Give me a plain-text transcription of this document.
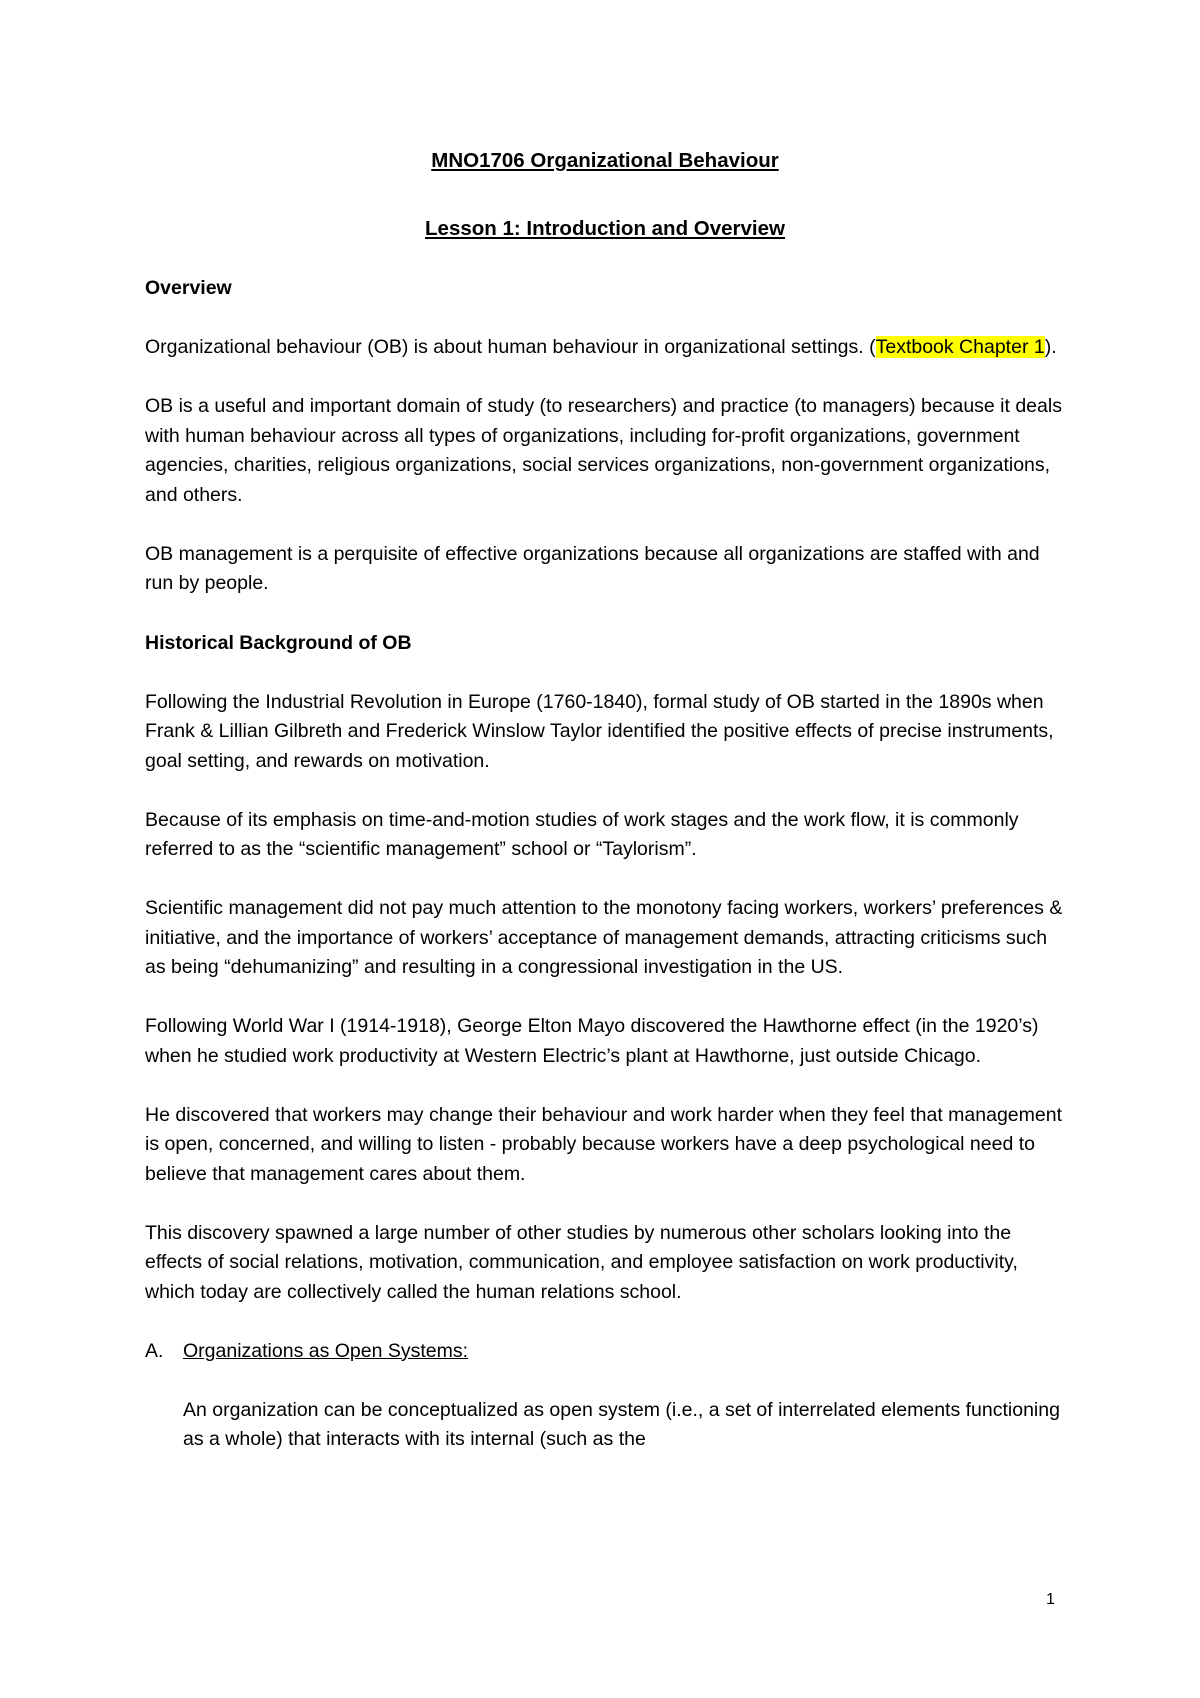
MNO1706 Organizational Behaviour
Lesson 1: Introduction and Overview
Overview

Organizational behaviour (OB) is about human behaviour in organizational settings. (Textbook Chapter 1).

OB is a useful and important domain of study (to researchers) and practice (to managers) because it deals with human behaviour across all types of organizations, including for-profit organizations, government agencies, charities, religious organizations, social services organizations, non-government organizations, and others.

OB management is a perquisite of effective organizations because all organizations are staffed with and run by people.

Historical Background of OB

Following the Industrial Revolution in Europe (1760-1840), formal study of OB started in the 1890s when Frank & Lillian Gilbreth and Frederick Winslow Taylor identified the positive effects of precise instruments, goal setting, and rewards on motivation.

Because of its emphasis on time-and-motion studies of work stages and the work flow, it is commonly referred to as the “scientific management” school or “Taylorism”.

Scientific management did not pay much attention to the monotony facing workers, workers’ preferences & initiative, and the importance of workers’ acceptance of management demands, attracting criticisms such as being “dehumanizing” and resulting in a congressional investigation in the US.

Following World War I (1914-1918), George Elton Mayo discovered the Hawthorne effect (in the 1920’s) when he studied work productivity at Western Electric’s plant at Hawthorne, just outside Chicago.

He discovered that workers may change their behaviour and work harder when they feel that management is open, concerned, and willing to listen - probably because workers have a deep psychological need to believe that management cares about them.

This discovery spawned a large number of other studies by numerous other scholars looking into the effects of social relations, motivation, communication, and employee satisfaction on work productivity, which today are collectively called the human relations school.

A.	Organizations as Open Systems:

An organization can be conceptualized as open system (i.e., a set of interrelated elements functioning as a whole) that interacts with its internal (such as the

1
